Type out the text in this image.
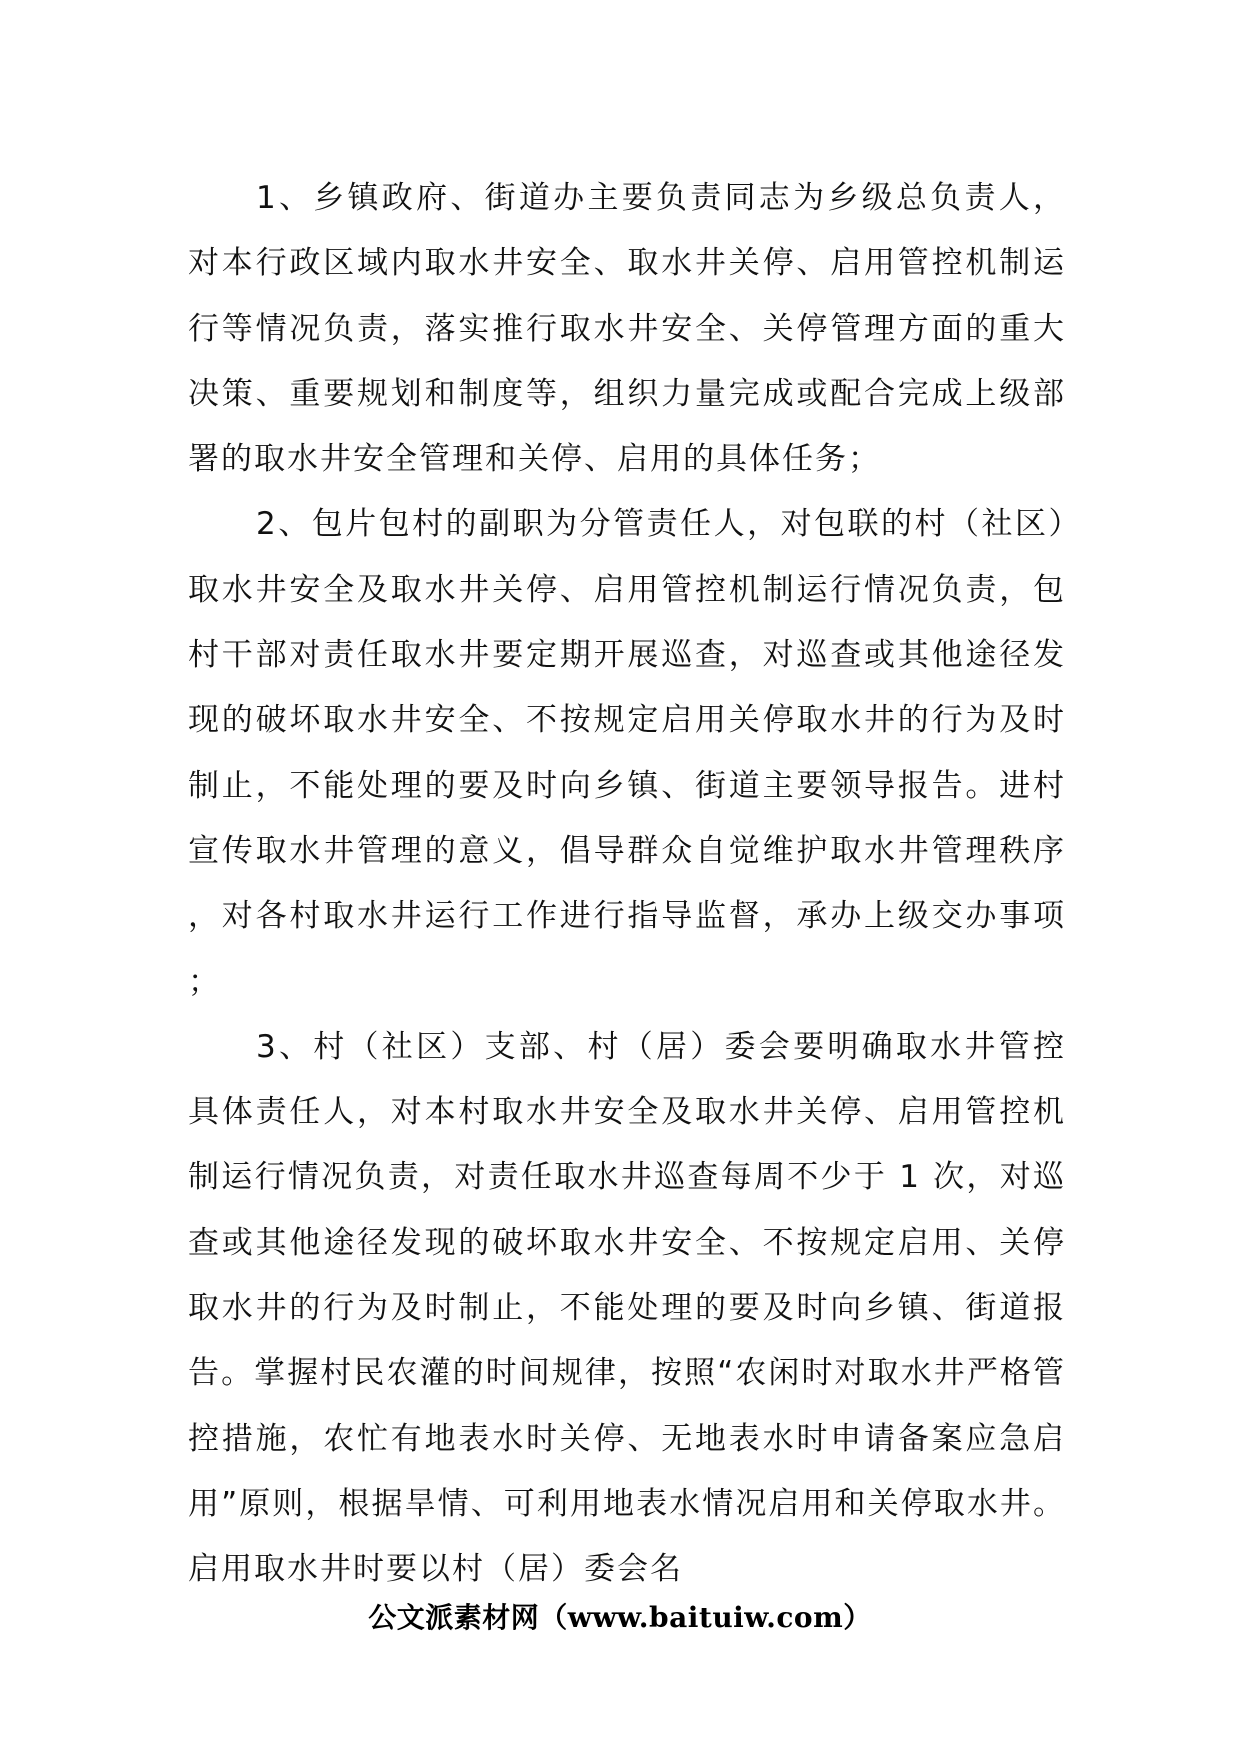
1、乡镇政府、街道办主要负责同志为乡级总负责人，对本行政区域内取水井安全、取水井关停、启用管控机制运行等情况负责，落实推行取水井安全、关停管理方面的重大决策、重要规划和制度等，组织力量完成或配合完成上级部署的取水井安全管理和关停、启用的具体任务；

2、包片包村的副职为分管责任人，对包联的村（社区）取水井安全及取水井关停、启用管控机制运行情况负责，包村干部对责任取水井要定期开展巡查，对巡查或其他途径发现的破坏取水井安全、不按规定启用关停取水井的行为及时制止，不能处理的要及时向乡镇、街道主要领导报告。进村宣传取水井管理的意义，倡导群众自觉维护取水井管理秩序，对各村取水井运行工作进行指导监督，承办上级交办事项；

3、村（社区）支部、村（居）委会要明确取水井管控具体责任人，对本村取水井安全及取水井关停、启用管控机制运行情况负责，对责任取水井巡查每周不少于 1 次，对巡查或其他途径发现的破坏取水井安全、不按规定启用、关停取水井的行为及时制止，不能处理的要及时向乡镇、街道报告。掌握村民农灌的时间规律，按照“农闲时对取水井严格管控措施，农忙有地表水时关停、无地表水时申请备案应急启用”原则，根据旱情、可利用地表水情况启用和关停取水井。启用取水井时要以村（居）委会名

公文派素材网（www.baituiw.com）
